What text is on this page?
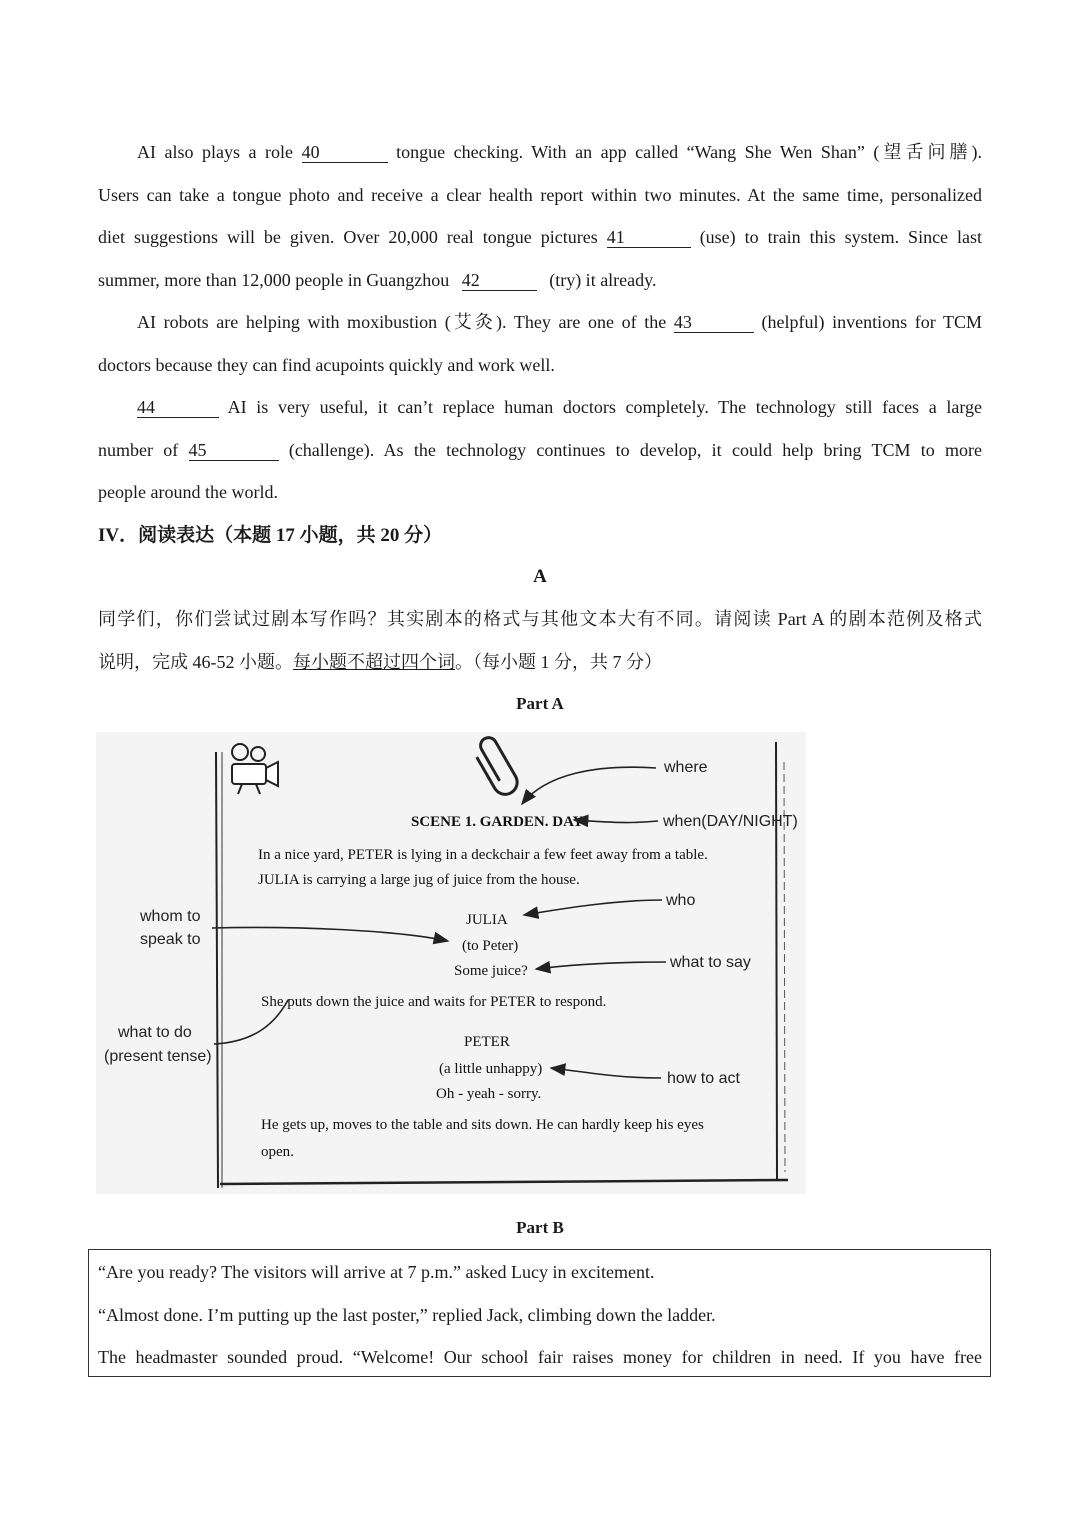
AI also plays a role 40	tongue checking. With an app called “Wang She Wen Shan” (望舌问膳).
Users can take a tongue photo and receive a clear health report within two minutes. At the same time, personalized
diet suggestions will be given. Over 20,000 real tongue pictures 41	(use) to train this system. Since last
summer, more than 12,000 people in Guangzhou 42	(try) it already.
AI robots are helping with moxibustion (艾灸). They are one of the 43	(helpful) inventions for TCM
doctors because they can find acupoints quickly and work well.
44	AI is very useful, it can’t replace human doctors completely. The technology still faces a large
number of 45	(challenge). As the technology continues to develop, it could help bring TCM to more
people around the world.
IV．阅读表达（本题 17 小题，共 20 分）
A
同学们，你们尝试过剧本写作吗？其实剧本的格式与其他文本大有不同。请阅读 Part A 的剧本范例及格式
说明，完成 46-52 小题。每小题不超过四个词。（每小题 1 分，共 7 分）
Part A
SCENE 1. GARDEN. DAY
In a nice yard, PETER is lying in a deckchair a few feet away from a table.
JULIA is carrying a large jug of juice from the house.
JULIA
(to Peter)
Some juice?
She puts down the juice and waits for PETER to respond.
PETER
(a little unhappy)
Oh - yeah - sorry.
He gets up, moves to the table and sits down. He can hardly keep his eyes
open.
where
when(DAY/NIGHT)
who
whom to
speak to
what to say
what to do
(present tense)
how to act
Part B
“Are you ready? The visitors will arrive at 7 p.m.” asked Lucy in excitement.
“Almost done. I’m putting up the last poster,” replied Jack, climbing down the ladder.
The headmaster sounded proud. “Welcome! Our school fair raises money for children in need. If you have free
